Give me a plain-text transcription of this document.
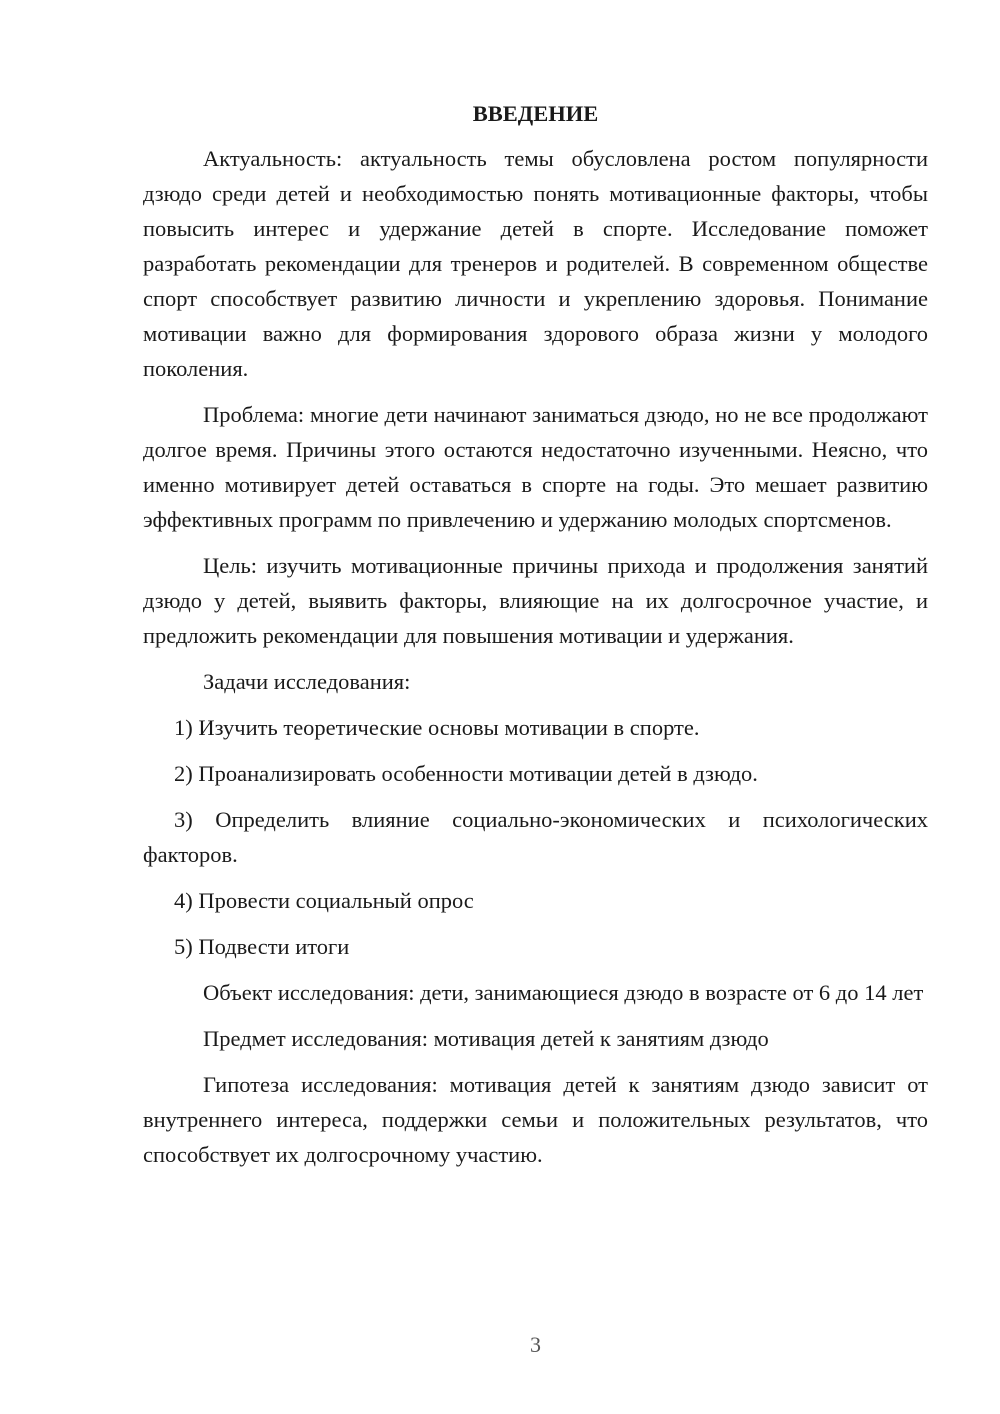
ВВЕДЕНИЕ

Актуальность: актуальность темы обусловлена ростом популярности дзюдо среди детей и необходимостью понять мотивационные факторы, чтобы повысить интерес и удержание детей в спорте. Исследование поможет разработать рекомендации для тренеров и родителей. В современном обществе спорт способствует развитию личности и укреплению здоровья. Понимание мотивации важно для формирования здорового образа жизни у молодого поколения.

Проблема: многие дети начинают заниматься дзюдо, но не все продолжают долгое время. Причины этого остаются недостаточно изученными. Неясно, что именно мотивирует детей оставаться в спорте на годы. Это мешает развитию эффективных программ по привлечению и удержанию молодых спортсменов.

Цель: изучить мотивационные причины прихода и продолжения занятий дзюдо у детей, выявить факторы, влияющие на их долгосрочное участие, и предложить рекомендации для повышения мотивации и удержания.

Задачи исследования:

1) Изучить теоретические основы мотивации в спорте.

2) Проанализировать особенности мотивации детей в дзюдо.

3) Определить влияние социально-экономических и психологических факторов.

4) Провести социальный опрос

5) Подвести итоги

Объект исследования: дети, занимающиеся дзюдо в возрасте от 6 до 14 лет

Предмет исследования: мотивация детей к занятиям дзюдо

Гипотеза исследования: мотивация детей к занятиям дзюдо зависит от внутреннего интереса, поддержки семьи и положительных результатов, что способствует их долгосрочному участию.

3
